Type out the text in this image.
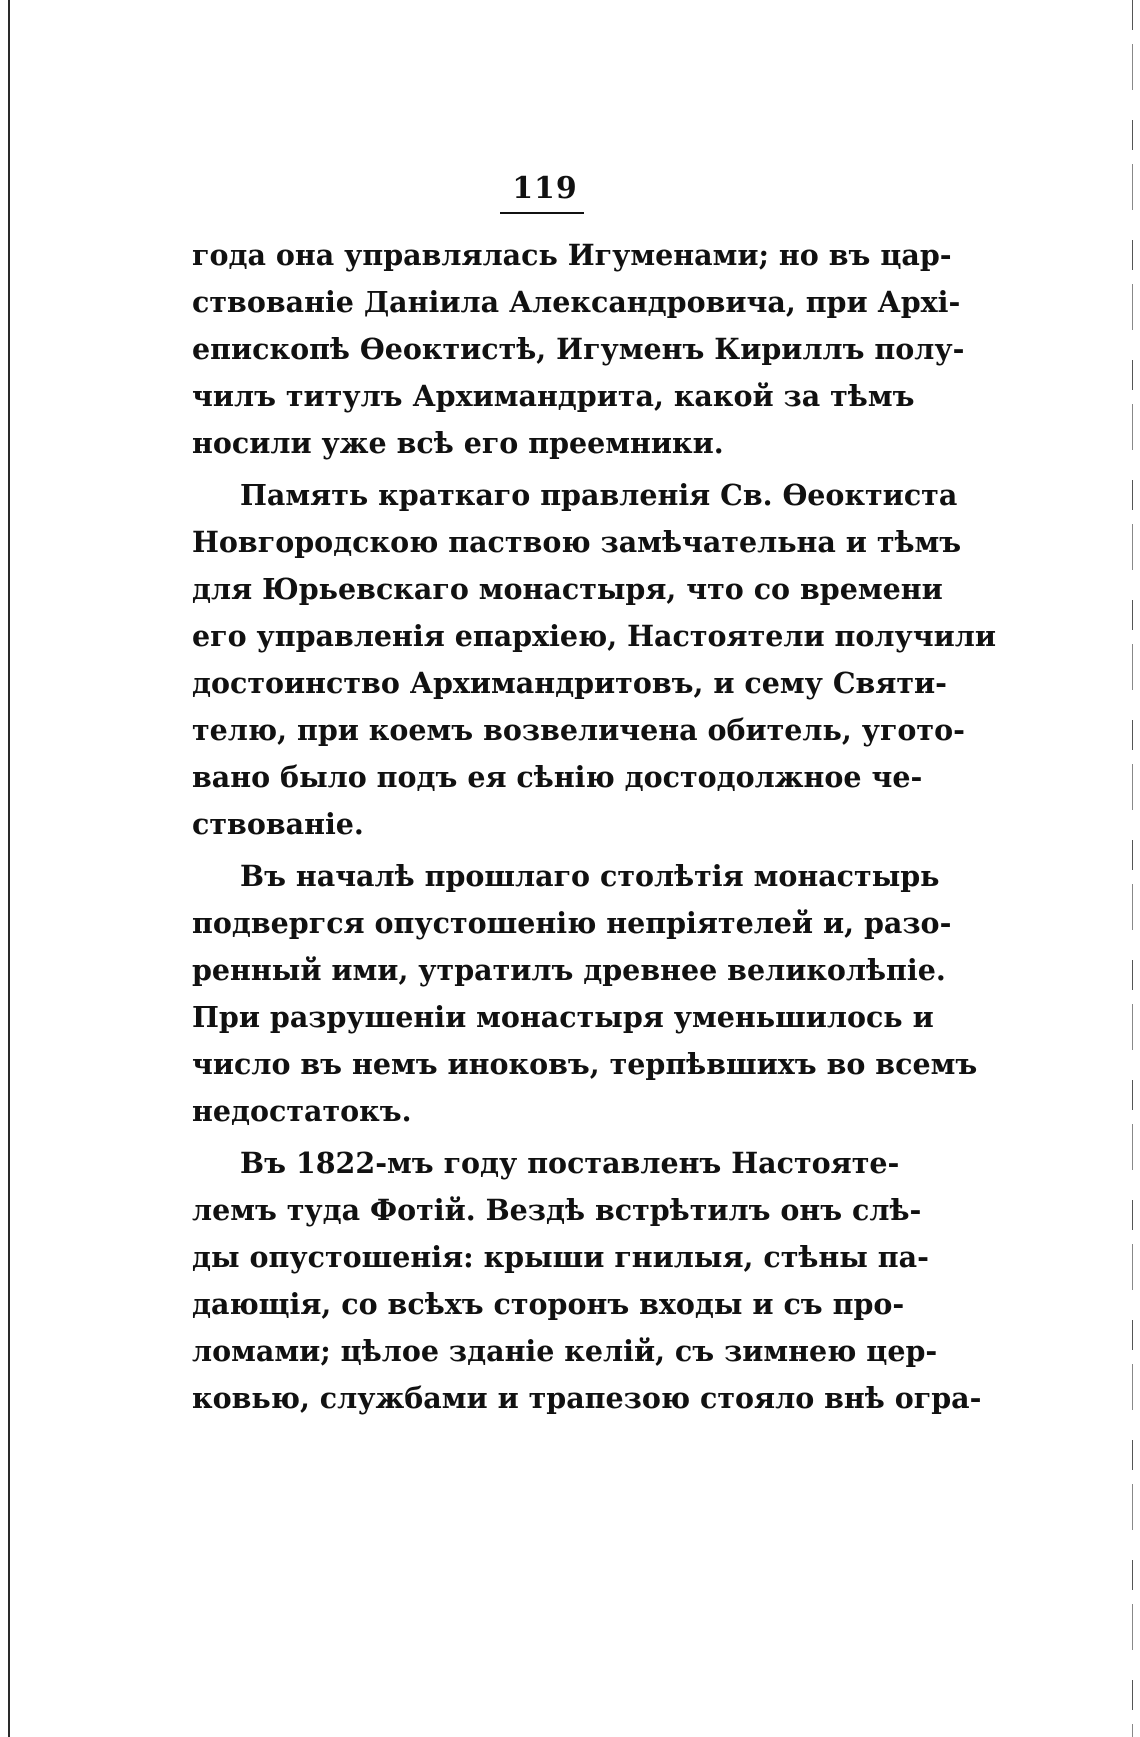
119
года она управлялась Игуменами; но въ цар-
ствованіе Даніила Александровича, при Архі-
епископѣ Ѳеоктистѣ, Игуменъ Кириллъ полу-
чилъ титулъ Архимандрита, какой за тѣмъ
носили уже всѣ его преемники.
Память краткаго правленія Св. Ѳеоктиста
Новгородскою паствою замѣчательна и тѣмъ
для Юрьевскаго монастыря, что со времени
его управленія епархіею, Настоятели получили
достоинство Архимандритовъ, и сему Святи-
телю, при коемъ возвеличена обитель, угото-
вано было подъ ея сѣнію достодолжное че-
ствованіе.
Въ началѣ прошлаго столѣтія монастырь
подвергся опустошенію непріятелей и, разо-
ренный ими, утратилъ древнее великолѣпіе.
При разрушеніи монастыря уменьшилось и
число въ немъ иноковъ, терпѣвшихъ во всемъ
недостатокъ.
Въ 1822-мъ году поставленъ Настояте-
лемъ туда Фотій. Вездѣ встрѣтилъ онъ слѣ-
ды опустошенія: крыши гнилыя, стѣны па-
дающія, со всѣхъ сторонъ входы и съ про-
ломами; цѣлое зданіе келій, съ зимнею цер-
ковью, службами и трапезою стояло внѣ огра-
